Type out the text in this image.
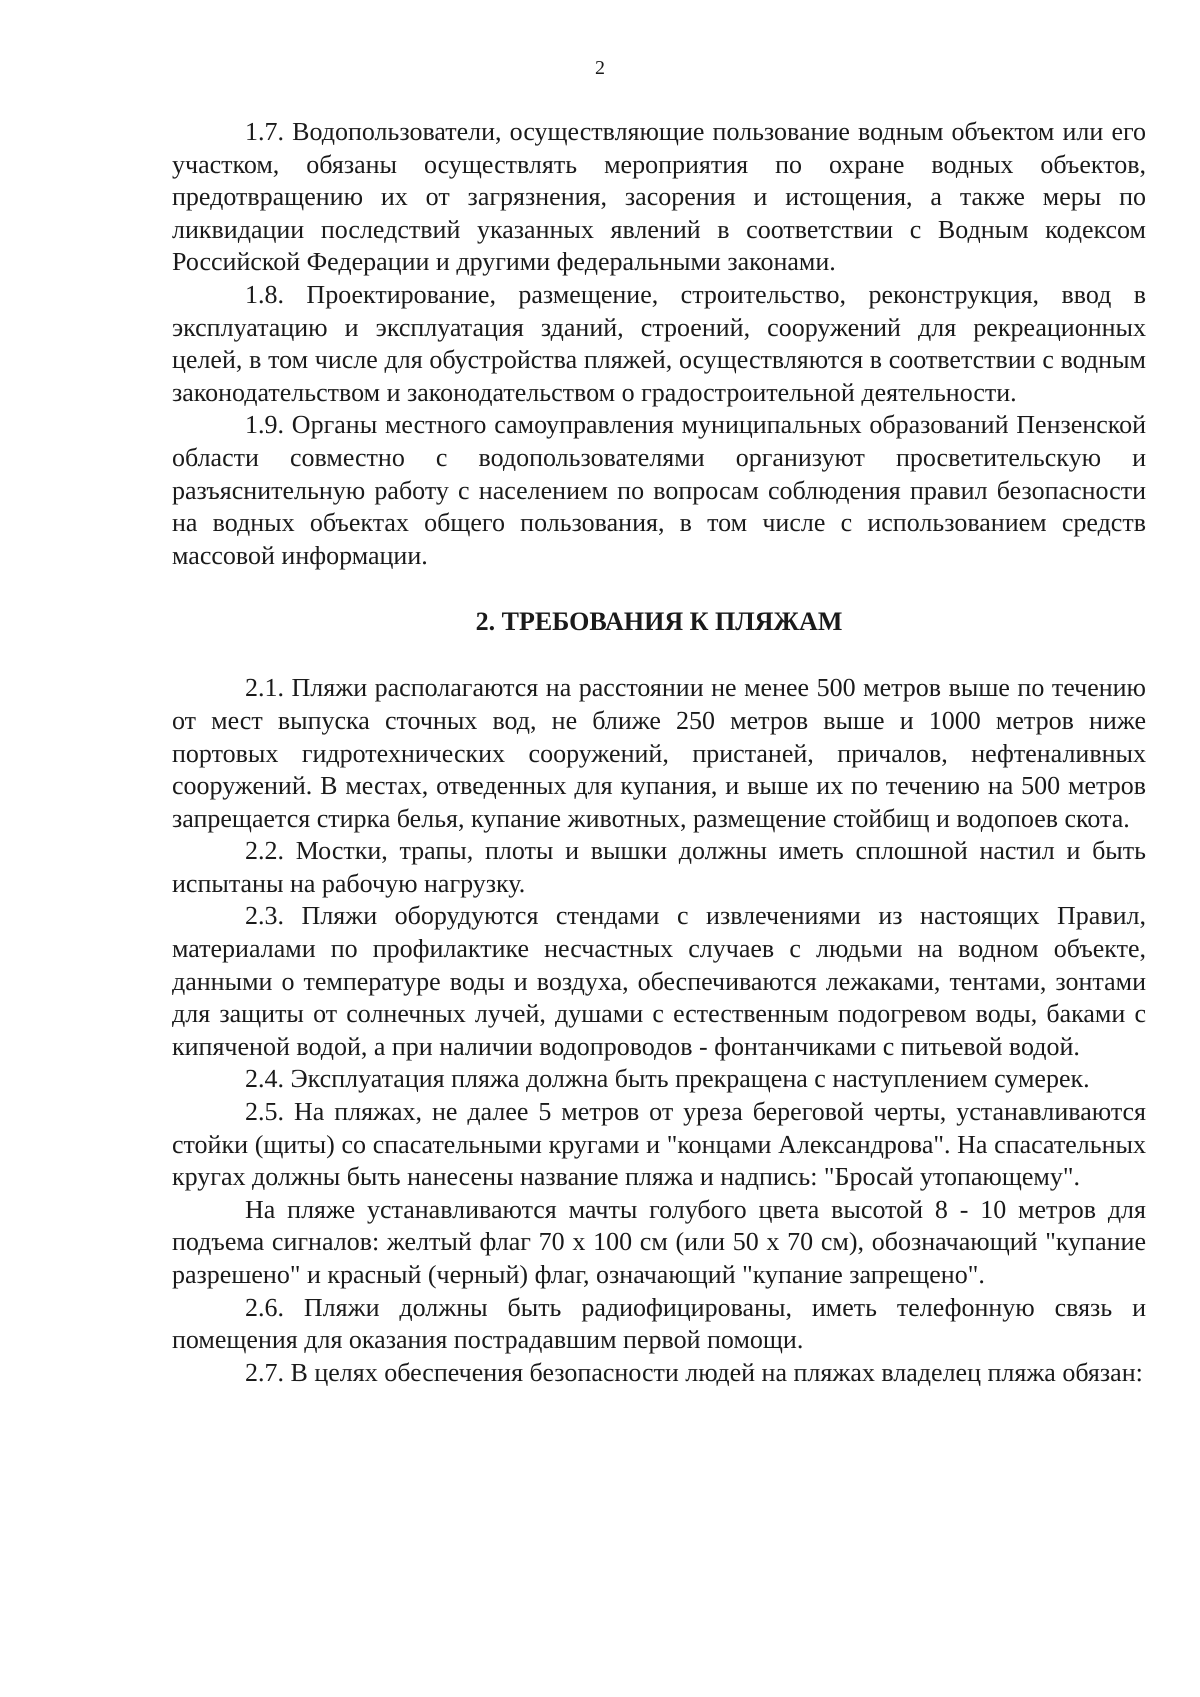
2

1.7. Водопользователи, осуществляющие пользование водным объектом или его участком, обязаны осуществлять мероприятия по охране водных объектов, предотвращению их от загрязнения, засорения и истощения, а также меры по ликвидации последствий указанных явлений в соответствии с Водным кодексом Российской Федерации и другими федеральными законами.

1.8. Проектирование, размещение, строительство, реконструкция, ввод в эксплуатацию и эксплуатация зданий, строений, сооружений для рекреационных целей, в том числе для обустройства пляжей, осуществляются в соответствии с водным законодательством и законодательством о градостроительной деятельности.

1.9. Органы местного самоуправления муниципальных образований Пензенской области совместно с водопользователями организуют просветительскую и разъяснительную работу с населением по вопросам соблюдения правил безопасности на водных объектах общего пользования, в том числе с использованием средств массовой информации.

2. ТРЕБОВАНИЯ К ПЛЯЖАМ

2.1. Пляжи располагаются на расстоянии не менее 500 метров выше по течению от мест выпуска сточных вод, не ближе 250 метров выше и 1000 метров ниже портовых гидротехнических сооружений, пристаней, причалов, нефтеналивных сооружений. В местах, отведенных для купания, и выше их по течению на 500 метров запрещается стирка белья, купание животных, размещение стойбищ и водопоев скота.

2.2. Мостки, трапы, плоты и вышки должны иметь сплошной настил и быть испытаны на рабочую нагрузку.

2.3. Пляжи оборудуются стендами с извлечениями из настоящих Правил, материалами по профилактике несчастных случаев с людьми на водном объекте, данными о температуре воды и воздуха, обеспечиваются лежаками, тентами, зонтами для защиты от солнечных лучей, душами с естественным подогревом воды, баками с кипяченой водой, а при наличии водопроводов - фонтанчиками с питьевой водой.

2.4. Эксплуатация пляжа должна быть прекращена с наступлением сумерек.

2.5. На пляжах, не далее 5 метров от уреза береговой черты, устанавливаются стойки (щиты) со спасательными кругами и "концами Александрова". На спасательных кругах должны быть нанесены название пляжа и надпись: "Бросай утопающему".

На пляже устанавливаются мачты голубого цвета высотой 8 - 10 метров для подъема сигналов: желтый флаг 70 х 100 см (или 50 х 70 см), обозначающий "купание разрешено" и красный (черный) флаг, означающий "купание запрещено".

2.6. Пляжи должны быть радиофицированы, иметь телефонную связь и помещения для оказания пострадавшим первой помощи.

2.7. В целях обеспечения безопасности людей на пляжах владелец пляжа обязан:
